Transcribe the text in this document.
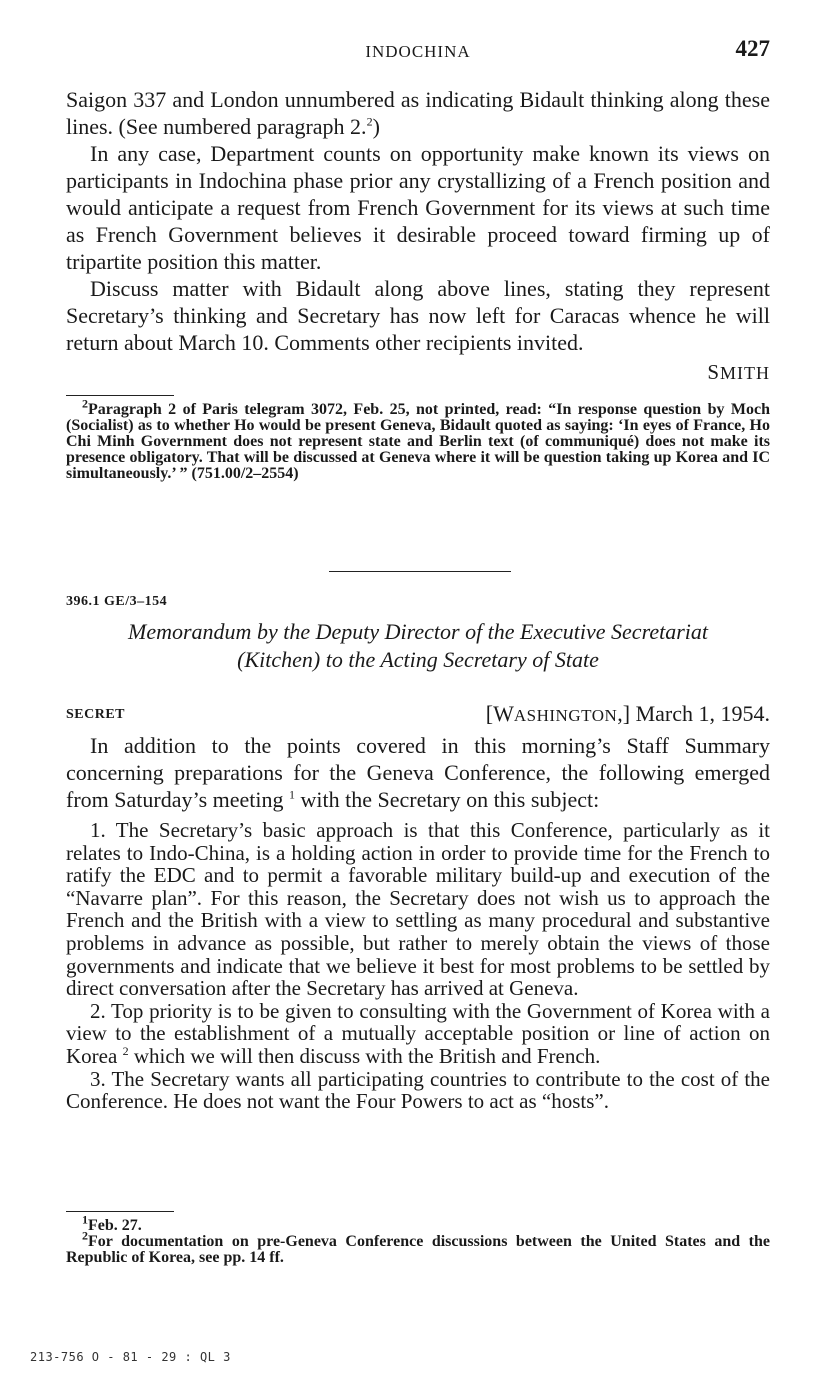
INDOCHINA	427

Saigon 337 and London unnumbered as indicating Bidault thinking along these lines. (See numbered paragraph 2.$^2$)

In any case, Department counts on opportunity make known its views on participants in Indochina phase prior any crystallizing of a French position and would anticipate a request from French Government for its views at such time as French Government believes it desirable proceed toward firming up of tripartite position this matter.

Discuss matter with Bidault along above lines, stating they represent Secretary’s thinking and Secretary has now left for Caracas whence he will return about March 10. Comments other recipients invited.

SMITH

$^2$Paragraph 2 of Paris telegram 3072, Feb. 25, not printed, read: “In response question by Moch (Socialist) as to whether Ho would be present Geneva, Bidault quoted as saying: ‘In eyes of France, Ho Chi Minh Government does not represent state and Berlin text (of communiqué) does not make its presence obligatory. That will be discussed at Geneva where it will be question taking up Korea and IC simultaneously.’ ” (751.00/2–2554)

396.1 GE/3–154

Memorandum by the Deputy Director of the Executive Secretariat
(Kitchen) to the Acting Secretary of State

SECRET	[WASHINGTON,] March 1, 1954.

In addition to the points covered in this morning’s Staff Summary concerning preparations for the Geneva Conference, the following emerged from Saturday’s meeting $^1$ with the Secretary on this subject:

1. The Secretary’s basic approach is that this Conference, particularly as it relates to Indo-China, is a holding action in order to provide time for the French to ratify the EDC and to permit a favorable military build-up and execution of the “Navarre plan”. For this reason, the Secretary does not wish us to approach the French and the British with a view to settling as many procedural and substantive problems in advance as possible, but rather to merely obtain the views of those governments and indicate that we believe it best for most problems to be settled by direct conversation after the Secretary has arrived at Geneva.

2. Top priority is to be given to consulting with the Government of Korea with a view to the establishment of a mutually acceptable position or line of action on Korea $^2$ which we will then discuss with the British and French.

3. The Secretary wants all participating countries to contribute to the cost of the Conference. He does not want the Four Powers to act as “hosts”.

$^1$Feb. 27.

$^2$For documentation on pre-Geneva Conference discussions between the United States and the Republic of Korea, see pp. 14 ff.

213-756 O - 81 - 29 : QL 3
